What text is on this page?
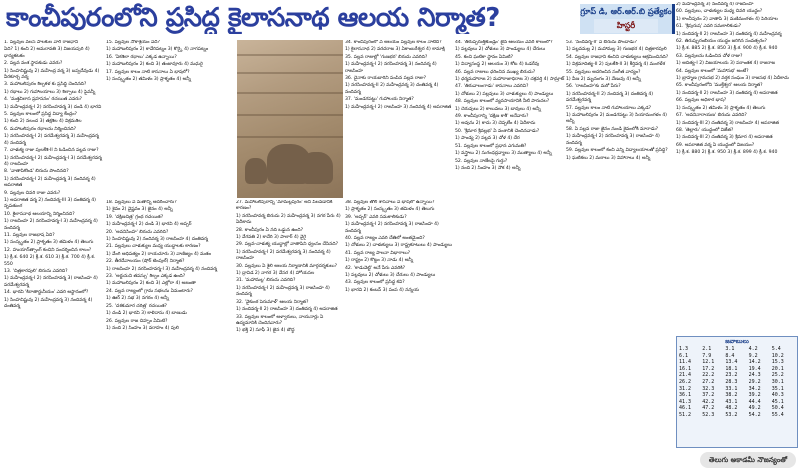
కాంచీపురంలోని ప్రసిద్ధ కైలాసనాథ ఆలయ నిర్మాత?	గ్రూప్ డి, ఆర్.ఆర్.బి ప్రత్యేకం
హిస్టరీ

1. పల్లవుల వలస పాలకుల వారి రాజధాని

ఏది? 1) కంచి 2) అమరావతి 3) విజయపురి 4) ధాన్యకటకం

2. పల్లవ వంశ స్థాపకుడు ఎవరు?

1) సింహవిష్ణువు 2) మహేంద్ర వర్మ 3) బప్పదేవుడు 4) వీరకూర్చ వర్మ

3. మహాబలిపురం శిల్పకళ కు ప్రసిద్ధి చెందినది?

1) రథాలు 2) గుహాలయాలు 3) శిల్పాలు 4) పైవన్నీ

4. 'మత్తవిలాస ప్రహసనం' రచయిత ఎవరు?

1) మహేంద్రవర్మ-I 2) నరసింహవర్మ 3) దండి 4) భారవి

5. పల్లవుల కాలంలో ప్రసిద్ధ విద్యా కేంద్రం?

1) కంచి 2) నలంద 3) తక్షశిల 4) విక్రమశిల

6. మహాబలిపురం రథాలను నిర్మించినది?

1) నరసింహవర్మ-I 2) పరమేశ్వరవర్మ 3) మహేంద్రవర్మ 4) నందివర్మ

7. చాళుక్య రాజు పులకేశి-II ని ఓడించిన పల్లవ రాజు?

1) నరసింహవర్మ-I 2) మహేంద్రవర్మ-I 3) పరమేశ్వరవర్మ 4) రాజసింహ

8. 'వాతాపికొండ' బిరుదు పొందినది?

1) నరసింహవర్మ-I 2) మహేంద్రవర్మ 3) నందివర్మ 4) అపరాజిత

9. పల్లవుల చివరి రాజు ఎవరు?

1) అపరాజిత వర్మ 2) నందివర్మ-III 3) దంతివర్మ 4) నృపతుంగ

10. కైలాసనాథ ఆలయాన్ని నిర్మించినది?

1) రాజసింహ 2) నరసింహవర్మ-I 3) మహేంద్రవర్మ 4) నందివర్మ

11. పల్లవుల రాజభాష ఏది?

1) సంస్కృతం 2) ప్రాకృతం 3) తమిళం 4) తెలుగు

12. హుయాన్‌త్సాంగ్ కంచిని సందర్శించిన కాలం?

1) క్రీ.శ. 640 2) క్రీ.శ. 610 3) క్రీ.శ. 700 4) క్రీ.శ. 550

13. 'చిత్రకారపులి' బిరుదు ఎవరిది?

1) మహేంద్రవర్మ-I 2) నరసింహవర్మ 3) రాజసింహ 4) పరమేశ్వరవర్మ

14. భారవి 'కిరాతార్జునీయం' ఎవరి ఆస్థానంలో?

1) సింహవిష్ణువు 2) మహేంద్రవర్మ 3) నందివర్మ 4) దంతివర్మ

15. పల్లవుల నౌకాశ్రయం ఏది?

1) మహాబలిపురం 2) కావేరిపట్నం 3) కొర్కై 4) నాగపట్నం

16. 'ఏకశిలా రథాలు' ఎక్కడ ఉన్నాయి?

1) మహాబలిపురం 2) కంచి 3) తంజావూరు 4) మధురై

17. పల్లవుల కాలం నాటి శాసనాలు ఏ భాషలో?

1) సంస్కృతం 2) తమిళం 3) ప్రాకృతం 4) అన్నీ

18. పల్లవులు ఏ మతాన్ని ఆదరించారు?

1) శైవం 2) వైష్ణవం 3) జైనం 4) అన్నీ

19. 'దక్షిణచిత్ర' గ్రంథ రచయిత?

1) మహేంద్రవర్మ-I 2) దండి 3) భారవి 4) అప్పర్

20. 'అవనిసింహ' బిరుదు ఎవరిది?

1) సింహవిష్ణువు 2) నందివర్మ 3) రాజసింహ 4) దంతివర్మ

21. పల్లవులు చాళుక్యుల మధ్య యుద్ధాలకు కారణం?

1) వేంగి ఆధిపత్యం 2) రాయచూరు 3) వాణిజ్యం 4) మతం

22. తీరదేవాలయం (షోర్ టెంపుల్) నిర్మాత?

1) రాజసింహ 2) నరసింహవర్మ-I 3) మహేంద్రవర్మ 4) నందివర్మ

23. 'అర్జునుని తపస్సు' శిల్పం ఎక్కడ ఉంది?

1) మహాబలిపురం 2) కంచి 3) ఎల్లోరా 4) అజంతా

24. పల్లవ రాజ్యంలో గ్రామ సభలను ఏమంటారు?

1) ఊర్ 2) సభ 3) నగరం 4) అన్నీ

25. 'దశకుమార చరిత్ర' రచయిత?

1) దండి 2) భారవి 3) కాళిదాసు 4) బాణుడు

26. పల్లవుల రాజ చిహ్నం ఏమిటి?

1) నంది 2) సింహం 3) వరాహం 4) పులి

27. మహాబలిపురాన్ని 'మామల్లపురం' అని పిలవడానికి కారణం?

1) నరసింహవర్మ బిరుదు 2) మహేంద్రవర్మ 3) నగర పేరు 4) ఏదీకాదు

28. కాంచీపురం ఏ నది ఒడ్డున ఉంది?

1) వేగవతి 2) కావేరి 3) పాలార్ 4) వైగై

29. పల్లవ-చాళుక్య యుద్ధాల్లో వాతాపిని ధ్వంసం చేసినది?

1) నరసింహవర్మ-I 2) పరమేశ్వరవర్మ 3) నందివర్మ 4) రాజసింహ

30. పల్లవులు ఏ శైలి ఆలయ నిర్మాణానికి మార్గదర్శకులు?

1) ద్రావిడ 2) నాగర 3) వేసర 4) హోయసల

31. 'మహామల్ల' బిరుదు ఎవరిది?

1) నరసింహవర్మ-I 2) మహేంద్రవర్మ 3) రాజసింహ 4) నందివర్మ

32. 'వైకుంఠ పెరుమాళ్' ఆలయ నిర్మాత?

1) నందివర్మ-II 2) రాజసింహ 3) దంతివర్మ 4) అపరాజిత

33. పల్లవుల కాలంలో ఆళ్వారులు, నాయనార్లు ఏ ఉద్యమానికి చెందినవారు?

1) భక్తి 2) సూఫీ 3) జైన 4) బౌద్ధ

34. కాంచీపురంలో ఏ ఆలయం పల్లవుల కాలం నాటిది?

1) కైలాసనాథ 2) వరదరాజ 3) ఏకాంబరేశ్వర 4) కామాక్షి

35. పల్లవ రాజుల్లో 'గుణభర' బిరుదు ఎవరిది?

1) మహేంద్రవర్మ-I 2) నరసింహవర్మ 3) నందివర్మ 4) రాజసింహ

36. చైనాకు రాయబారిని పంపిన పల్లవ రాజు?

1) నరసింహవర్మ-II 2) మహేంద్రవర్మ 3) దంతివర్మ 4) నందివర్మ

37. 'మండగపట్టు' గుహాలయ నిర్మాత?

1) మహేంద్రవర్మ-I 2) రాజసింహ 3) నందివర్మ 4) అపరాజిత

38. పల్లవుల తొలి శాసనాలు ఏ భాషలో ఉన్నాయి?

1) ప్రాకృతం 2) సంస్కృతం 3) తమిళం 4) తెలుగు

39. 'అప్పర్' ఎవరి సమకాలికుడు?

1) మహేంద్రవర్మ-I 2) నరసింహవర్మ 3) రాజసింహ 4) నందివర్మ

40. పల్లవ రాజ్యం ఎవరి చేతిలో అంతమైంది?

1) చోళులు 2) చాళుక్యులు 3) రాష్ట్రకూటులు 4) పాండ్యులు

41. పల్లవ రాజ్య పాలనా విభాగాలు?

1) రాష్ట్రం 2) కొట్టం 3) నాడు 4) అన్నీ

42. 'కాడువెట్టి' అనే పేరు ఎవరికి?

1) పల్లవులు 2) చోళులు 3) చేరులు 4) పాండ్యులు

43. పల్లవుల కాలంలో ప్రసిద్ధ కవి?

1) భారవి 2) కంబన్ 3) పంప 4) నన్నయ

44. 'తిరుప్పరుత్తికుండ్రం' జైన ఆలయం ఎవరి కాలంలో?

1) పల్లవులు 2) చోళులు 3) పాండ్యులు 4) చేరులు

45. కంచి ఘటికా స్థానం ఏమిటి?

1) విద్యాసంస్థ 2) ఆలయం 3) కోట 4) ఓడరేవు

46. పల్లవ రాజులు ధరించిన ముఖ్య బిరుదు?

1) ధర్మమహారాజ 2) మహారాజాధిరాజ 3) చక్రవర్తి 4) సామ్రాట్

47. 'తిరువాలంగాడు' శాసనాలు ఎవరివి?

1) చోళులు 2) పల్లవులు 3) చాళుక్యులు 4) పాండ్యులు

48. పల్లవుల కాలంలో వ్యవసాయానికి నీటి పారుదల?

1) చెరువులు 2) కాలువలు 3) బావులు 4) అన్నీ

49. కాంచీపురాన్ని 'దక్షిణ కాశీ' అనేవారు?

1) అవును 2) కాదు 3) చెప్పలేం 4) ఏదీకాదు

50. 'శ్రీమార శ్రీవల్లభ' ఏ వంశానికి చెందినవాడు?

1) పాండ్య 2) పల్లవ 3) చోళ 4) చేర

51. పల్లవుల కాలంలో ప్రధాన ఎగుమతి?

1) వస్త్రాలు 2) సుగంధద్రవ్యాలు 3) ముత్యాలు 4) అన్నీ

52. పల్లవుల నాణేలపై గుర్తు?

1) నంది 2) సింహం 3) నౌక 4) అన్నీ

53. 'నందివర్మ-II' ఏ బిరుదు పొందాడు?

1) పల్లవమల్ల 2) మహామల్ల 3) గుణభర 4) చిత్రకారపులి

54. పల్లవుల రాజధాని కంచిని చాళుక్యులు ఆక్రమించినది?

1) విక్రమాదిత్య-II 2) పులకేశి-II 3) కీర్తివర్మ 4) మంగళేశ

55. పల్లవులు ఆదరించిన సంగీత వాద్యం?

1) వీణ 2) మృదంగం 3) వేణువు 4) అన్నీ

56. 'రాజసింహ'కు మరో పేరు?

1) నరసింహవర్మ-II 2) నందివర్మ 3) దంతివర్మ 4) పరమేశ్వరవర్మ

57. పల్లవుల కాలం నాటి గుహాలయాలు ఎక్కడ?

1) మహాబలిపురం 2) మండగపట్టు 3) సియామంగళం 4) అన్నీ

58. ఏ పల్లవ రాజు జైనం నుండి శైవంలోకి మారాడు?

1) మహేంద్రవర్మ-I 2) నరసింహవర్మ 3) రాజసింహ 4) నందివర్మ

59. పల్లవుల కాలంలో కంచి ఎన్ని విద్యాలయాలతో ప్రసిద్ధి?

1) ఘటికలు 2) మఠాలు 3) విహారాలు 4) అన్నీ

2) మహేంద్రవర్మ 3) నందివర్మ 4) రాజసింహ

60. పల్లవులు, చాళుక్యుల మధ్య చివరి యుద్ధం?

1) కాంచీపురం 2) వాతాపి 3) మణిమంగళం 4) పెరియాల

61. 'శ్రీపురుష' ఎవరి సమకాలికుడు?

1) నందివర్మ-II 2) రాజసింహ 3) దంతివర్మ 4) మహేంద్రవర్మ

62. తిరుప్పురంబియం యుద్ధం జరిగిన సంవత్సరం?

1) క్రీ.శ. 885 2) క్రీ.శ. 850 3) క్రీ.శ. 900 4) క్రీ.శ. 940

63. పల్లవులను ఓడించిన చోళ రాజు?

1) ఆదిత్య-I 2) విజయాలయ 3) పరాంతక 4) రాజరాజ

64. పల్లవుల కాలంలో 'మహాసభ' అంటే?

1) బ్రాహ్మణ గ్రామసభ 2) వర్తక సంఘం 3) రాజసభ 4) ఏదీకాదు

65. కాంచీపురంలోని 'ముక్తేశ్వర' ఆలయ నిర్మాత?

1) నందివర్మ-II 2) రాజసింహ 3) దంతివర్మ 4) అపరాజిత

66. పల్లవుల అధికార భాష?

1) సంస్కృతం 2) తమిళం 3) ప్రాకృతం 4) తెలుగు

67. 'అవనినారాయణ' బిరుదు ఎవరిది?

1) నందివర్మ-III 2) దంతివర్మ 3) రాజసింహ 4) అపరాజిత

68. 'తెల్లారు' యుద్ధంలో విజేత?

1) నందివర్మ-III 2) దంతివర్మ 3) శ్రీమార 4) అపరాజిత

69. అపరాజిత వర్మ ఏ యుద్ధంలో విజయం?

1) క్రీ.శ. 880 2) క్రీ.శ. 950 3) క్రీ.శ. 899 4) క్రీ.శ. 940

జవాబులు
1.3	2.1	3.1	4.2	5.4
6.1	7.9	8.4	9.2	10.2
11.4	12.1	13.4	14.2	15.3
16.1	17.2	18.1	19.4	20.1
21.4	22.2	23.2	24.3	25.2
26.2	27.2	28.3	29.2	30.1
31.2	32.3	33.1	34.2	35.1
36.1	37.2	38.2	39.2	40.3
41.3	42.2	43.1	44.4	45.1
46.1	47.2	48.2	49.2	50.4
51.2	52.3	53.2	54.2	55.4
తెలుగు అకాడమీ నౌజన్యంతో
